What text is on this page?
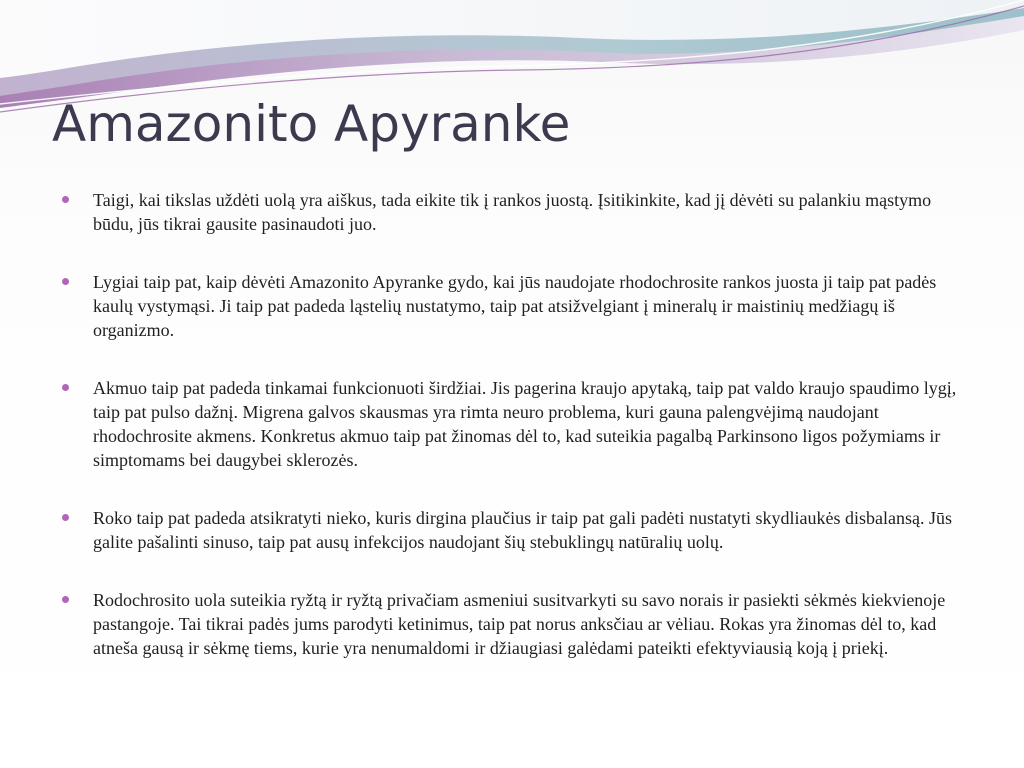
Amazonito Apyranke
Taigi, kai tikslas uždėti uolą yra aiškus, tada eikite tik į rankos juostą. Įsitikinkite, kad jį dėvėti su palankiu mąstymo būdu, jūs tikrai gausite pasinaudoti juo.
Lygiai taip pat, kaip dėvėti Amazonito Apyranke gydo, kai jūs naudojate rhodochrosite rankos juosta ji taip pat padės kaulų vystymąsi. Ji taip pat padeda ląstelių nustatymo, taip pat atsižvelgiant į mineralų ir maistinių medžiagų iš organizmo.
Akmuo taip pat padeda tinkamai funkcionuoti širdžiai. Jis pagerina kraujo apytaką, taip pat valdo kraujo spaudimo lygį, taip pat pulso dažnį. Migrena galvos skausmas yra rimta neuro problema, kuri gauna palengvėjimą naudojant rhodochrosite akmens. Konkretus akmuo taip pat žinomas dėl to, kad suteikia pagalbą Parkinsono ligos požymiams ir simptomams bei daugybei sklerozės.
Roko taip pat padeda atsikratyti nieko, kuris dirgina plaučius ir taip pat gali padėti nustatyti skydliaukės disbalansą. Jūs galite pašalinti sinuso, taip pat ausų infekcijos naudojant šių stebuklingų natūralių uolų.
Rodochrosito uola suteikia ryžtą ir ryžtą privačiam asmeniui susitvarkyti su savo norais ir pasiekti sėkmės kiekvienoje pastangoje. Tai tikrai padės jums parodyti ketinimus, taip pat norus anksčiau ar vėliau. Rokas yra žinomas dėl to, kad atneša gausą ir sėkmę tiems, kurie yra nenumaldomi ir džiaugiasi galėdami pateikti efektyviausią koją į priekį.
